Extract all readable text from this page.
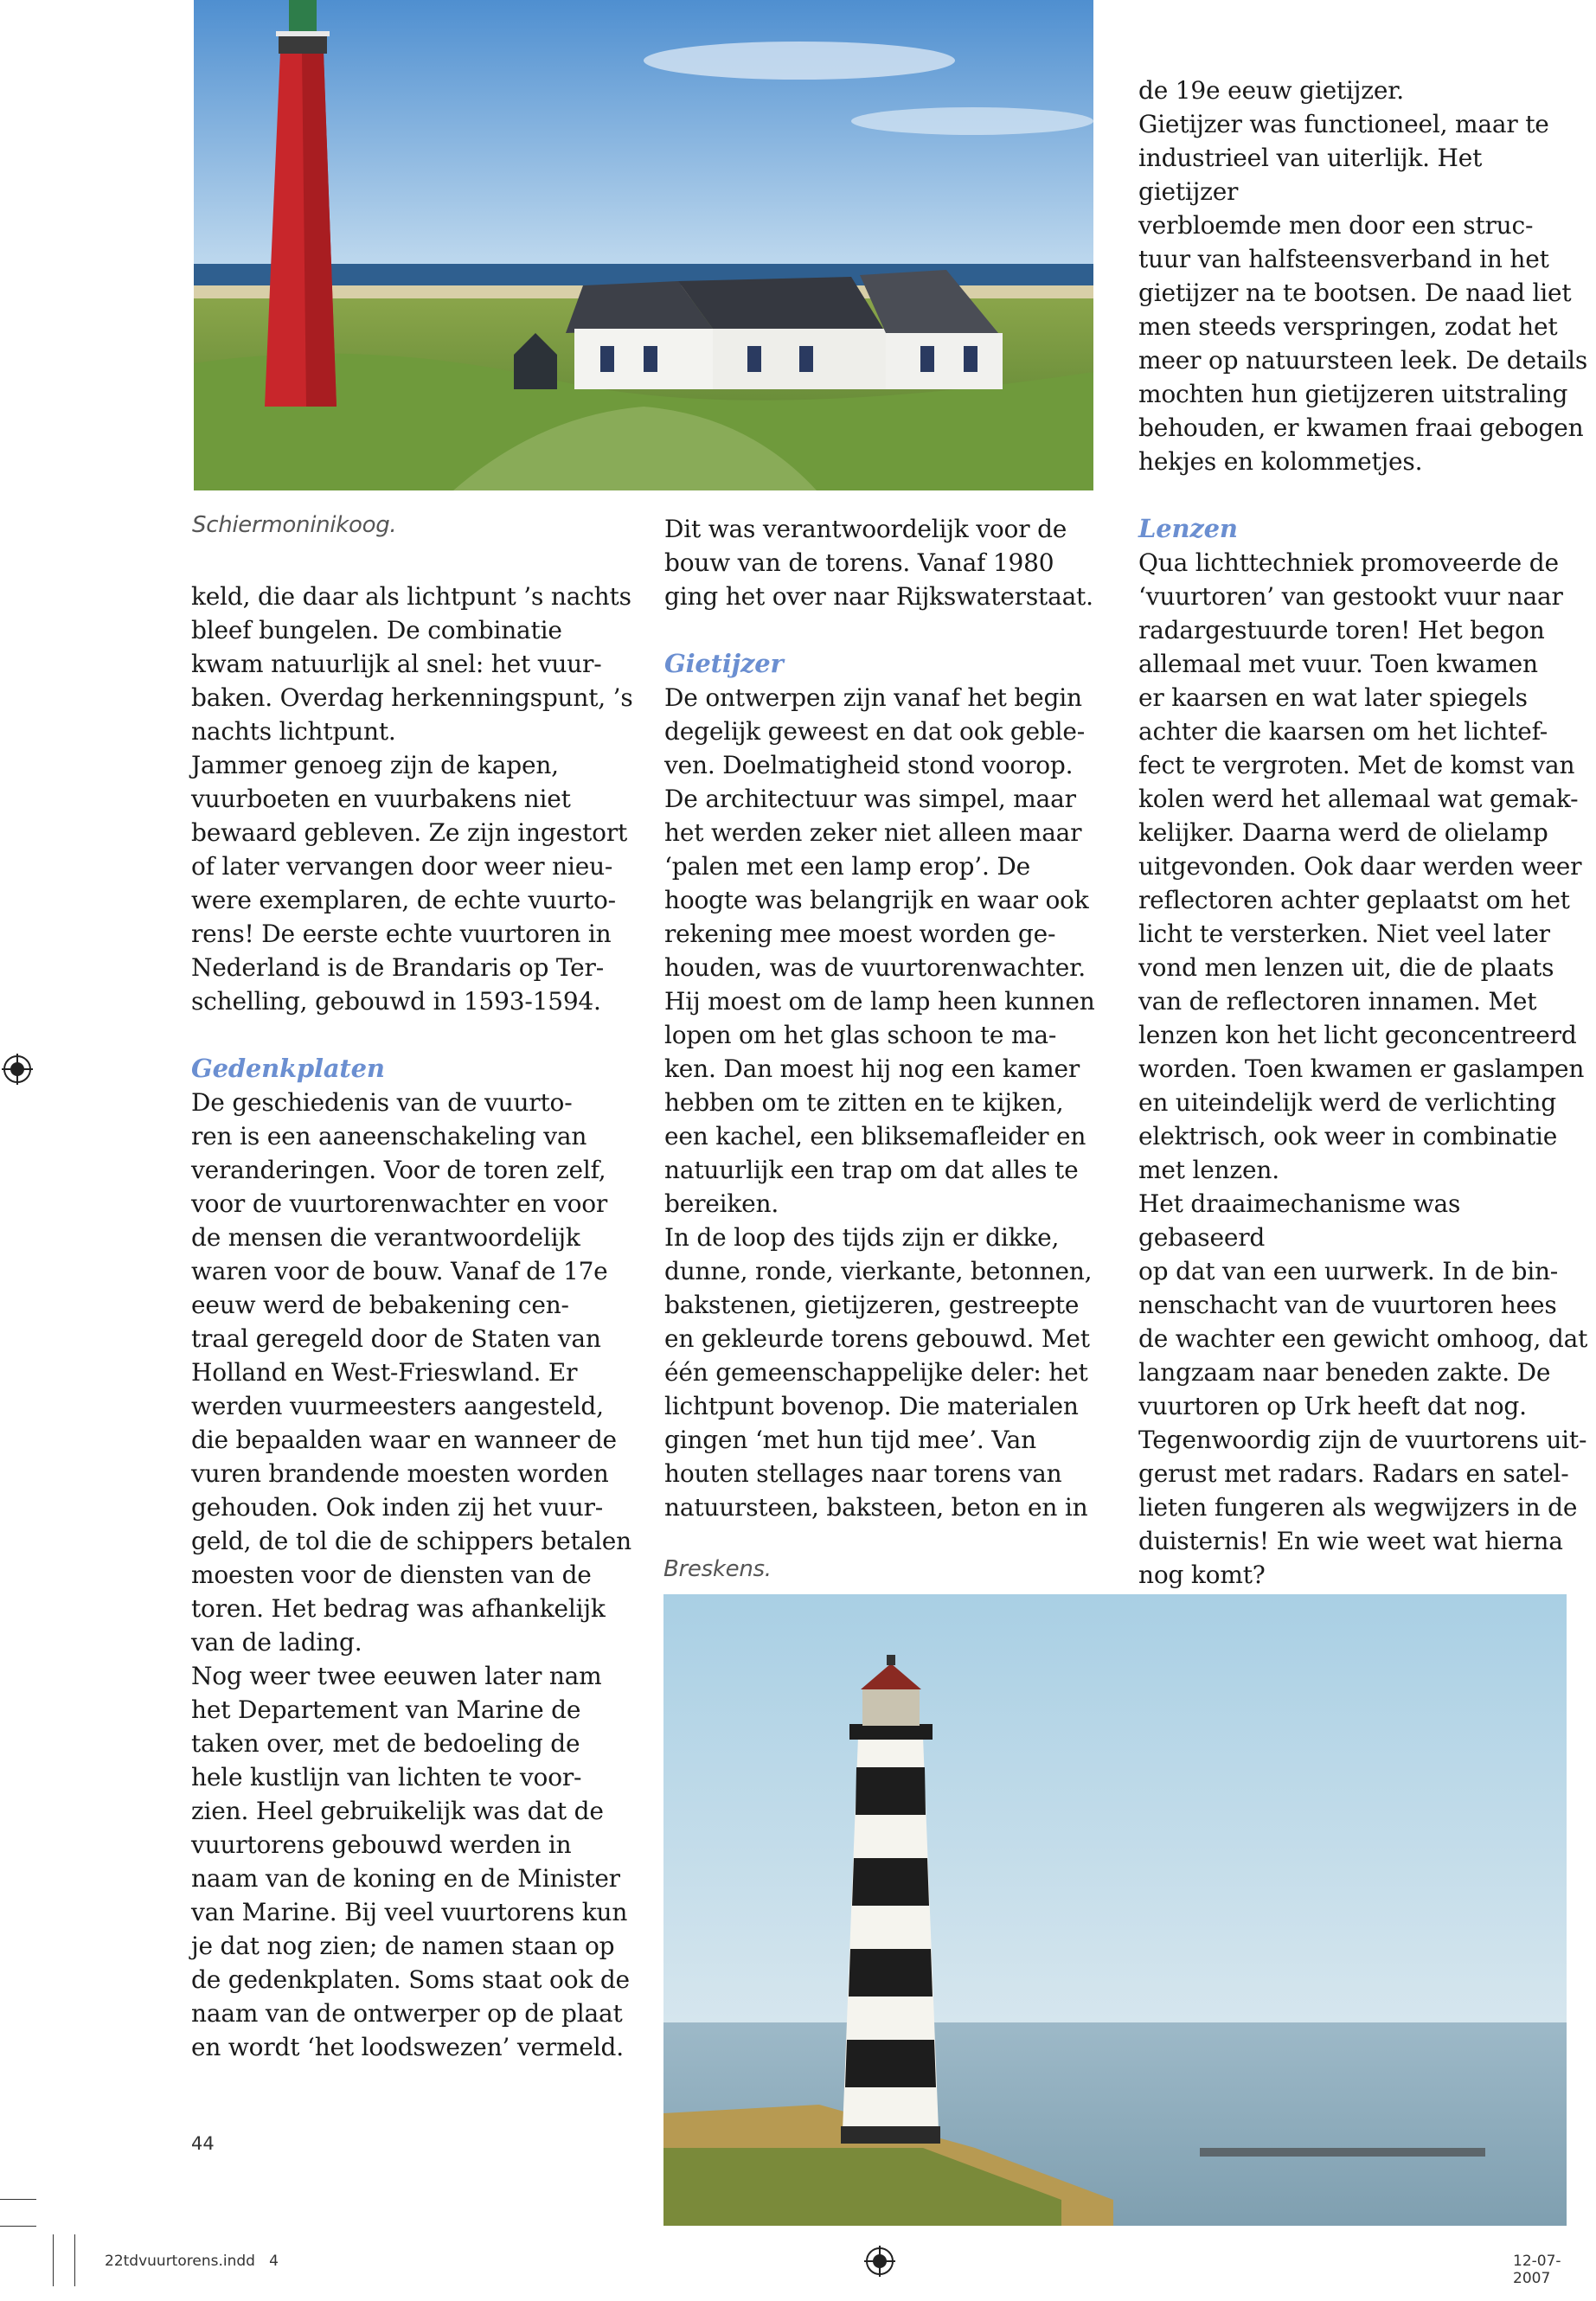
Schiermoninikoog.
Breskens.

keld, die daar als lichtpunt ’s nachts
bleef bungelen. De combinatie
kwam natuurlijk al snel: het vuur-
baken. Overdag herkenningspunt, ’s
nachts lichtpunt.
Jammer genoeg zijn de kapen,
vuurboeten en vuurbakens niet
bewaard gebleven. Ze zijn ingestort
of later vervangen door weer nieu-
were exemplaren, de echte vuurto-
rens! De eerste echte vuurtoren in
Nederland is de Brandaris op Ter-
schelling, gebouwd in 1593-1594.

Gedenkplaten

De geschiedenis van de vuurto-
ren is een aaneenschakeling van
veranderingen. Voor de toren zelf,
voor de vuurtorenwachter en voor
de mensen die verantwoordelijk
waren voor de bouw. Vanaf de 17e
eeuw werd de bebakening cen-
traal geregeld door de Staten van
Holland en West-Frieswland. Er
werden vuurmeesters aangesteld,
die bepaalden waar en wanneer de
vuren brandende moesten worden
gehouden. Ook inden zij het vuur-
geld, de tol die de schippers betalen
moesten voor de diensten van de
toren. Het bedrag was afhankelijk
van de lading.
Nog weer twee eeuwen later nam
het Departement van Marine de
taken over, met de bedoeling de
hele kustlijn van lichten te voor-
zien. Heel gebruikelijk was dat de
vuurtorens gebouwd werden in
naam van de koning en de Minister
van Marine. Bij veel vuurtorens kun
je dat nog zien; de namen staan op
de gedenkplaten. Soms staat ook de
naam van de ontwerper op de plaat
en wordt ‘het loodswezen’ vermeld.

Dit was verantwoordelijk voor de
bouw van de torens. Vanaf 1980
ging het over naar Rijkswaterstaat.

Gietijzer

De ontwerpen zijn vanaf het begin
degelijk geweest en dat ook geble-
ven. Doelmatigheid stond voorop.
De architectuur was simpel, maar
het werden zeker niet alleen maar
‘palen met een lamp erop’. De
hoogte was belangrijk en waar ook
rekening mee moest worden ge-
houden, was de vuurtorenwachter.
Hij moest om de lamp heen kunnen
lopen om het glas schoon te ma-
ken. Dan moest hij nog een kamer
hebben om te zitten en te kijken,
een kachel, een bliksemafleider en
natuurlijk een trap om dat alles te
bereiken.
In de loop des tijds zijn er dikke,
dunne, ronde, vierkante, betonnen,
bakstenen, gietijzeren, gestreepte
en gekleurde torens gebouwd. Met
één gemeenschappelijke deler: het
lichtpunt bovenop. Die materialen
gingen ‘met hun tijd mee’. Van
houten stellages naar torens van
natuursteen, baksteen, beton en in

de 19e eeuw gietijzer.
Gietijzer was functioneel, maar te
industrieel van uiterlijk. Het gietijzer
verbloemde men door een struc-
tuur van halfsteensverband in het
gietijzer na te bootsen. De naad liet
men steeds verspringen, zodat het
meer op natuursteen leek. De details
mochten hun gietijzeren uitstraling
behouden, er kwamen fraai gebogen
hekjes en kolommetjes.

Lenzen

Qua lichttechniek promoveerde de
‘vuurtoren’ van gestookt vuur naar
radargestuurde toren! Het begon
allemaal met vuur. Toen kwamen
er kaarsen en wat later spiegels
achter die kaarsen om het lichtef-
fect te vergroten. Met de komst van
kolen werd het allemaal wat gemak-
kelijker. Daarna werd de olielamp
uitgevonden. Ook daar werden weer
reflectoren achter geplaatst om het
licht te versterken. Niet veel later
vond men lenzen uit, die de plaats
van de reflectoren innamen. Met
lenzen kon het licht geconcentreerd
worden. Toen kwamen er gaslampen
en uiteindelijk werd de verlichting
elektrisch, ook weer in combinatie
met lenzen.
Het draaimechanisme was gebaseerd
op dat van een uurwerk. In de bin-
nenschacht van de vuurtoren hees
de wachter een gewicht omhoog, dat
langzaam naar beneden zakte. De
vuurtoren op Urk heeft dat nog.
Tegenwoordig zijn de vuurtorens uit-
gerust met radars. Radars en satel-
lieten fungeren als wegwijzers in de
duisternis! En wie weet wat hierna
nog komt?

44
22tdvuurtorens.indd   4	12-07-2007
